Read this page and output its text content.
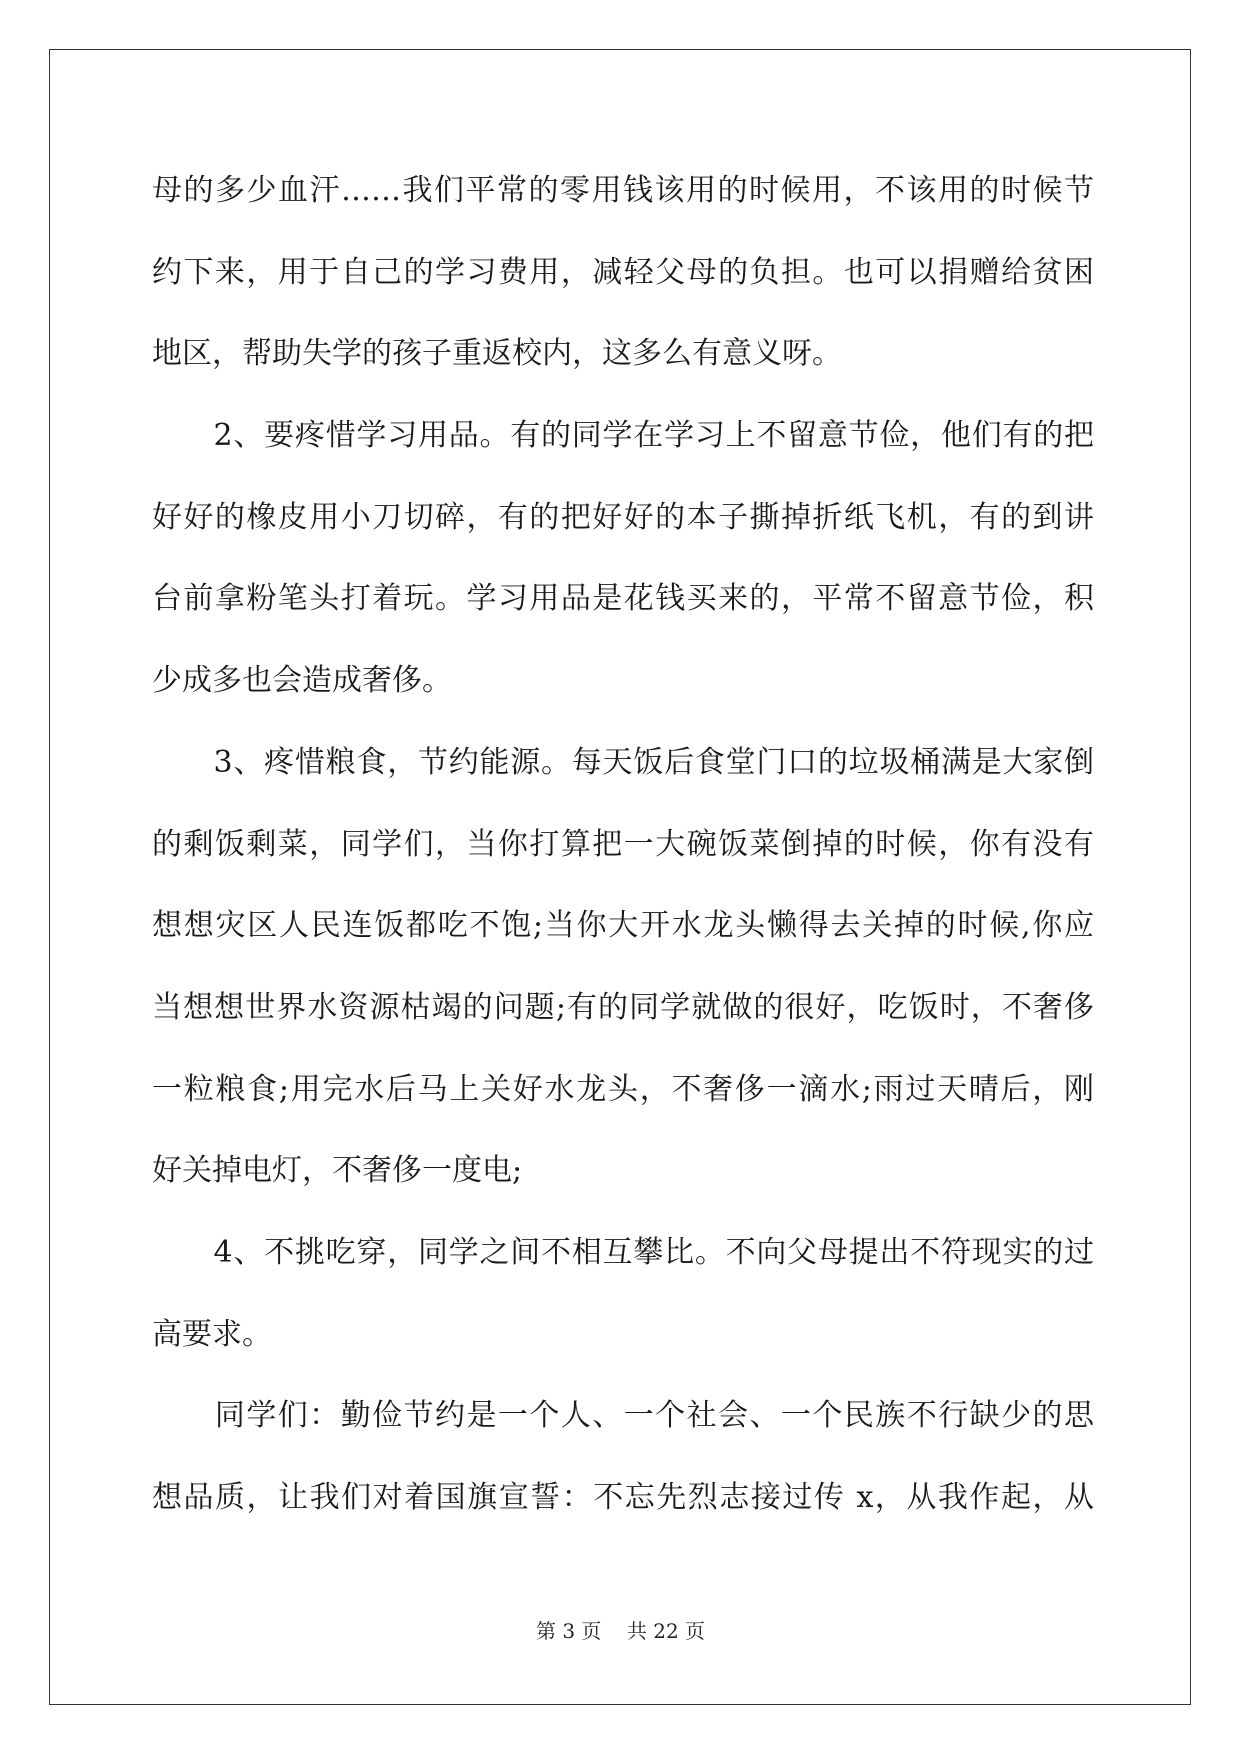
母的多少血汗……我们平常的零用钱该用的时候用，不该用的时候节
约下来，用于自己的学习费用，减轻父母的负担。也可以捐赠给贫困
地区，帮助失学的孩子重返校内，这多么有意义呀。
　　2、要疼惜学习用品。有的同学在学习上不留意节俭，他们有的把
好好的橡皮用小刀切碎，有的把好好的本子撕掉折纸飞机，有的到讲
台前拿粉笔头打着玩。学习用品是花钱买来的，平常不留意节俭，积
少成多也会造成奢侈。
　　3、疼惜粮食，节约能源。每天饭后食堂门口的垃圾桶满是大家倒
的剩饭剩菜，同学们，当你打算把一大碗饭菜倒掉的时候，你有没有
想想灾区人民连饭都吃不饱;当你大开水龙头懒得去关掉的时候,你应
当想想世界水资源枯竭的问题;有的同学就做的很好，吃饭时，不奢侈
一粒粮食;用完水后马上关好水龙头，不奢侈一滴水;雨过天晴后，刚
好关掉电灯，不奢侈一度电;
　　4、不挑吃穿，同学之间不相互攀比。不向父母提出不符现实的过
高要求。
　　同学们：勤俭节约是一个人、一个社会、一个民族不行缺少的思
想品质，让我们对着国旗宣誓：不忘先烈志接过传 x，从我作起，从
第 3 页 共 22 页
